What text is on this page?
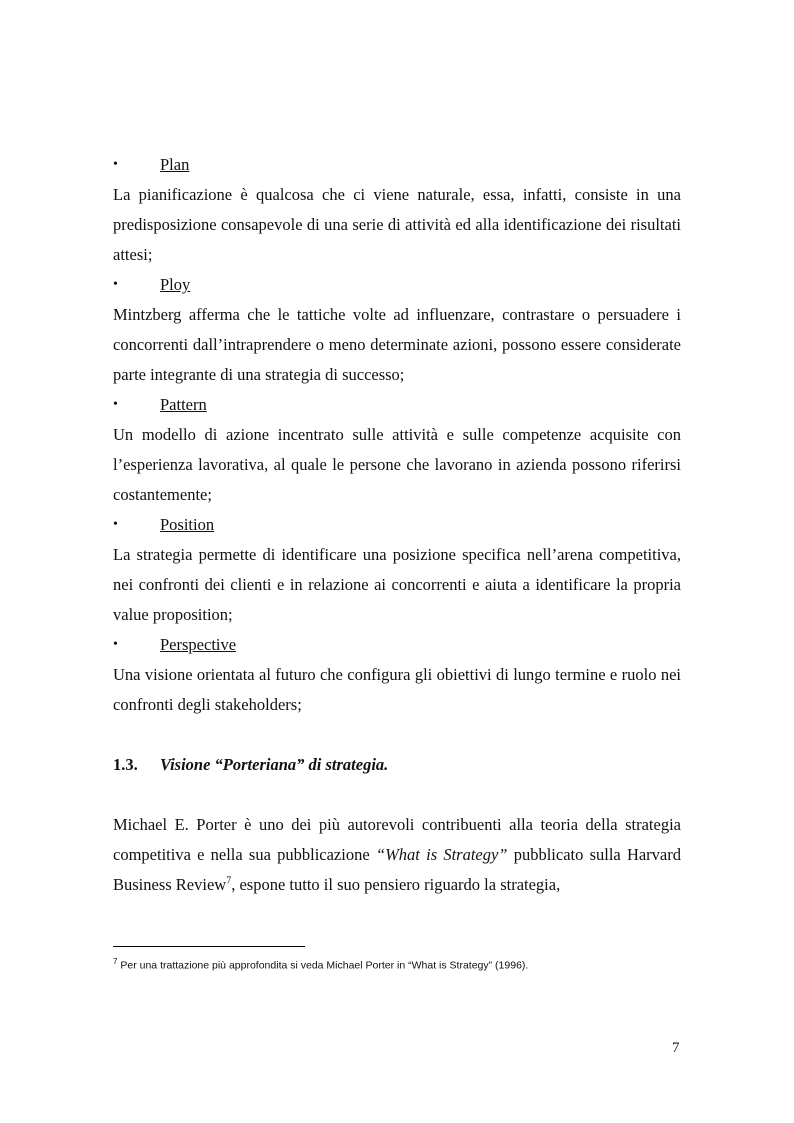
•	Plan

La pianificazione è qualcosa che ci viene naturale, essa, infatti, consiste in una predisposizione consapevole di una serie di attività ed alla identificazione dei risultati attesi;

•	Ploy

Mintzberg afferma che le tattiche volte ad influenzare, contrastare o persuadere i concorrenti dall’intraprendere o meno determinate azioni, possono essere considerate parte integrante di una strategia di successo;

•	Pattern

Un modello di azione incentrato sulle attività e sulle competenze acquisite con l’esperienza lavorativa, al quale le persone che lavorano in azienda possono riferirsi costantemente;

•	Position

La strategia permette di identificare una posizione specifica nell’arena competitiva, nei confronti dei clienti e in relazione ai concorrenti e aiuta a identificare la propria value proposition;

•	Perspective

Una visione orientata al futuro che configura gli obiettivi di lungo termine e ruolo nei confronti degli stakeholders;

1.3. Visione “Porteriana” di strategia.

Michael E. Porter è uno dei più autorevoli contribuenti alla teoria della strategia competitiva e nella sua pubblicazione “What is Strategy” pubblicato sulla Harvard Business Review$^7$, espone tutto il suo pensiero riguardo la strategia,

$^7$ Per una trattazione più approfondita si veda Michael Porter in “What is Strategy” (1996).
7
